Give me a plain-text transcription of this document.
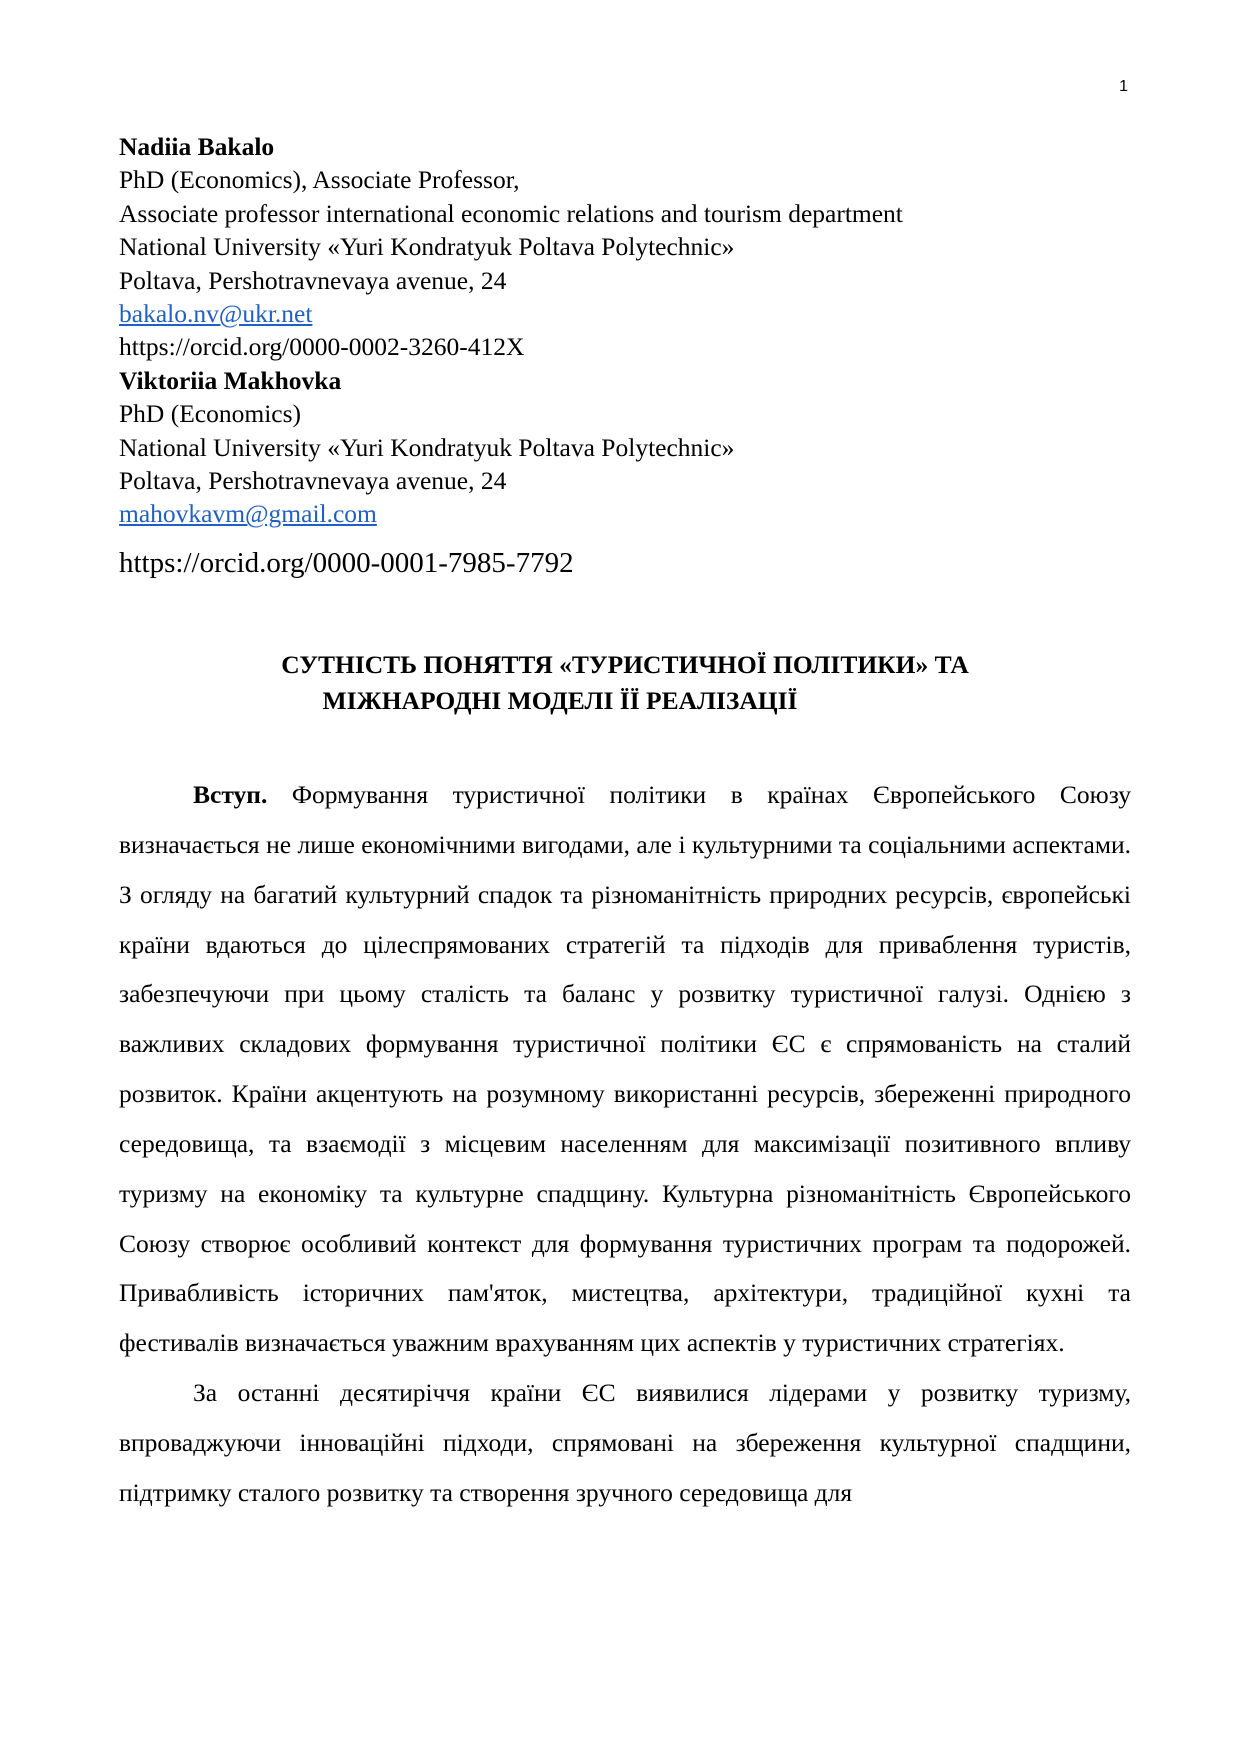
1
Nadiia Bakalo
PhD (Economics), Associate Professor,
Associate professor international economic relations and tourism department
National University «Yuri Kondratyuk Poltava Polytechnic»
Poltava, Pershotravnevaya avenue, 24
bakalo.nv@ukr.net
https://orcid.org/0000-0002-3260-412X
Viktoriia Makhovka
PhD (Economics)
National University «Yuri Kondratyuk Poltava Polytechnic»
Poltava, Pershotravnevaya avenue, 24
mahovkavm@gmail.com
https://orcid.org/0000-0001-7985-7792
СУТНІСТЬ ПОНЯТТЯ «ТУРИСТИЧНОЇ ПОЛІТИКИ» ТА
МІЖНАРОДНІ МОДЕЛІ ЇЇ РЕАЛІЗАЦІЇ

Вступ. Формування туристичної політики в країнах Європейського Союзу визначається не лише економічними вигодами, але і культурними та соціальними аспектами. З огляду на багатий культурний спадок та різноманітність природних ресурсів, європейські країни вдаються до цілеспрямованих стратегій та підходів для приваблення туристів, забезпечуючи при цьому сталість та баланс у розвитку туристичної галузі. Однією з важливих складових формування туристичної політики ЄС є спрямованість на сталий розвиток. Країни акцентують на розумному використанні ресурсів, збереженні природного середовища, та взаємодії з місцевим населенням для максимізації позитивного впливу туризму на економіку та культурне спадщину. Культурна різноманітність Європейського Союзу створює особливий контекст для формування туристичних програм та подорожей. Привабливість історичних пам'яток, мистецтва, архітектури, традиційної кухні та фестивалів визначається уважним врахуванням цих аспектів у туристичних стратегіях.

За останні десятиріччя країни ЄС виявилися лідерами у розвитку туризму, впроваджуючи інноваційні підходи, спрямовані на збереження культурної спадщини, підтримку сталого розвитку та створення зручного середовища для
